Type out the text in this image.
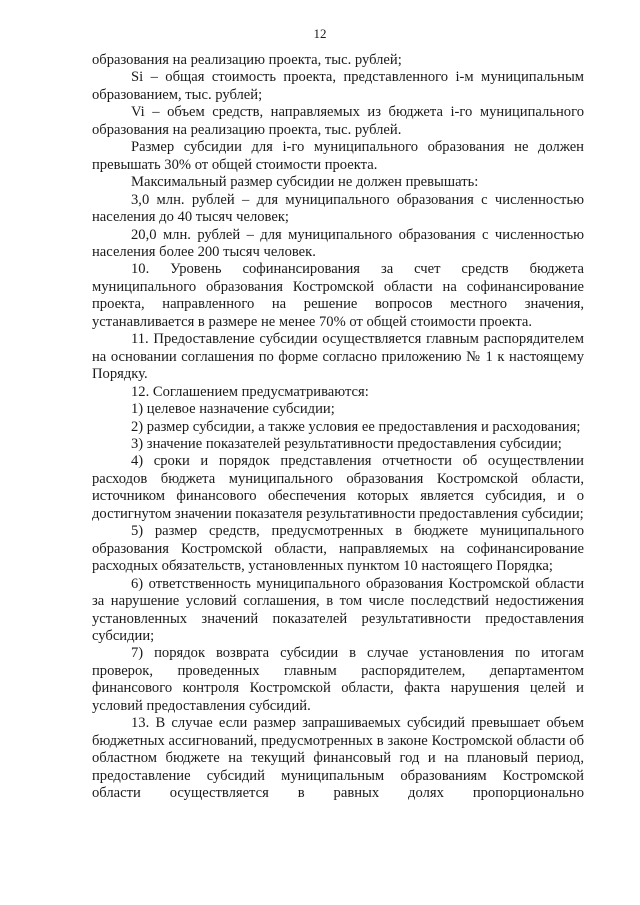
12

образования на реализацию проекта, тыс. рублей;

Si – общая стоимость проекта, представленного i-м муниципальным образованием, тыс. рублей;

Vi – объем средств, направляемых из бюджета i-го муниципального образования на реализацию проекта, тыс. рублей.

Размер субсидии для i-го муниципального образования не должен превышать 30% от общей стоимости проекта.

Максимальный размер субсидии не должен превышать:

3,0 млн. рублей – для муниципального образования с численностью населения до 40 тысяч человек;

20,0 млн. рублей – для муниципального образования с численностью населения более 200 тысяч человек.

10. Уровень софинансирования за счет средств бюджета муниципального образования Костромской области на софинансирование проекта, направленного на решение вопросов местного значения, устанавливается в размере не менее 70% от общей стоимости проекта.

11. Предоставление субсидии осуществляется главным распорядителем на основании соглашения по форме согласно приложению № 1 к настоящему Порядку.

12. Соглашением предусматриваются:

1) целевое назначение субсидии;

2) размер субсидии, а также условия ее предоставления и расходования;

3) значение показателей результативности предоставления субсидии;

4) сроки и порядок представления отчетности об осуществлении расходов бюджета муниципального образования Костромской области, источником финансового обеспечения которых является субсидия, и о достигнутом значении показателя результативности предоставления субсидии;

5) размер средств, предусмотренных в бюджете муниципального образования Костромской области, направляемых на софинансирование расходных обязательств, установленных пунктом 10 настоящего Порядка;

6) ответственность муниципального образования Костромской области за нарушение условий соглашения, в том числе последствий недостижения установленных значений показателей результативности предоставления субсидии;

7) порядок возврата субсидии в случае установления по итогам проверок, проведенных главным распорядителем, департаментом финансового контроля Костромской области, факта нарушения целей и условий предоставления субсидий.

13. В случае если размер запрашиваемых субсидий превышает объем бюджетных ассигнований, предусмотренных в законе Костромской области об областном бюджете на текущий финансовый год и на плановый период, предоставление субсидий муниципальным образованиям Костромской области осуществляется в равных долях пропорционально
